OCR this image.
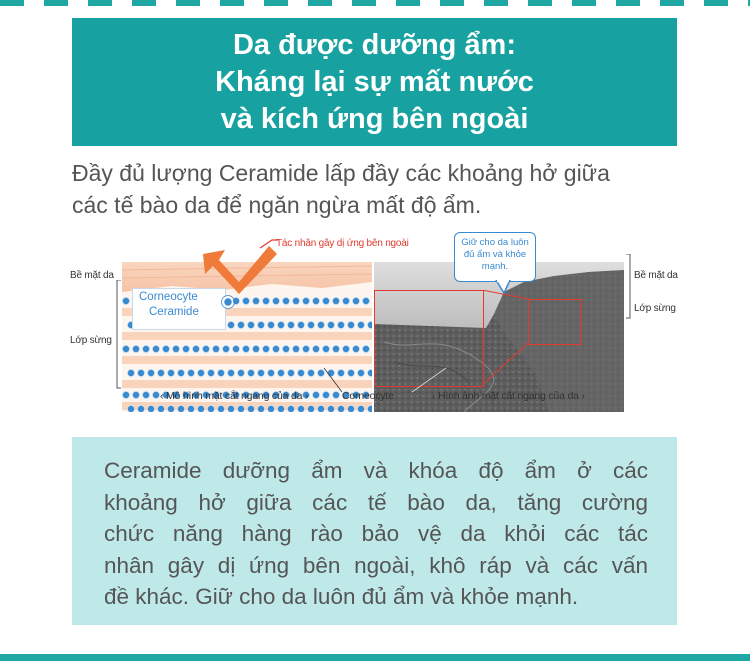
Da được dưỡng ẩm:
Kháng lại sự mất nước
và kích ứng bên ngoài
Đầy đủ lượng Ceramide lấp đầy các khoảng hở giữa
các tế bào da để ngăn ngừa mất độ ẩm.
Bề mặt da
Lớp sừng
Tác nhân gây dị ứng bên ngoài
Corneocyte
Ceramide
Giữ cho da luôn
đủ ẩm và khỏe
mạnh.
Bề mặt da
Lớp sừng
‹ Mô hình mặt cắt ngang của da ›	Corneocyte	‹ Hình ảnh mặt cắt ngang của da ›
Ceramide dưỡng ẩm và khóa độ ẩm ở các
khoảng hở giữa các tế bào da, tăng cường
chức năng hàng rào bảo vệ da khỏi các tác
nhân gây dị ứng bên ngoài, khô ráp và các vấn
đề khác. Giữ cho da luôn đủ ẩm và khỏe mạnh.
